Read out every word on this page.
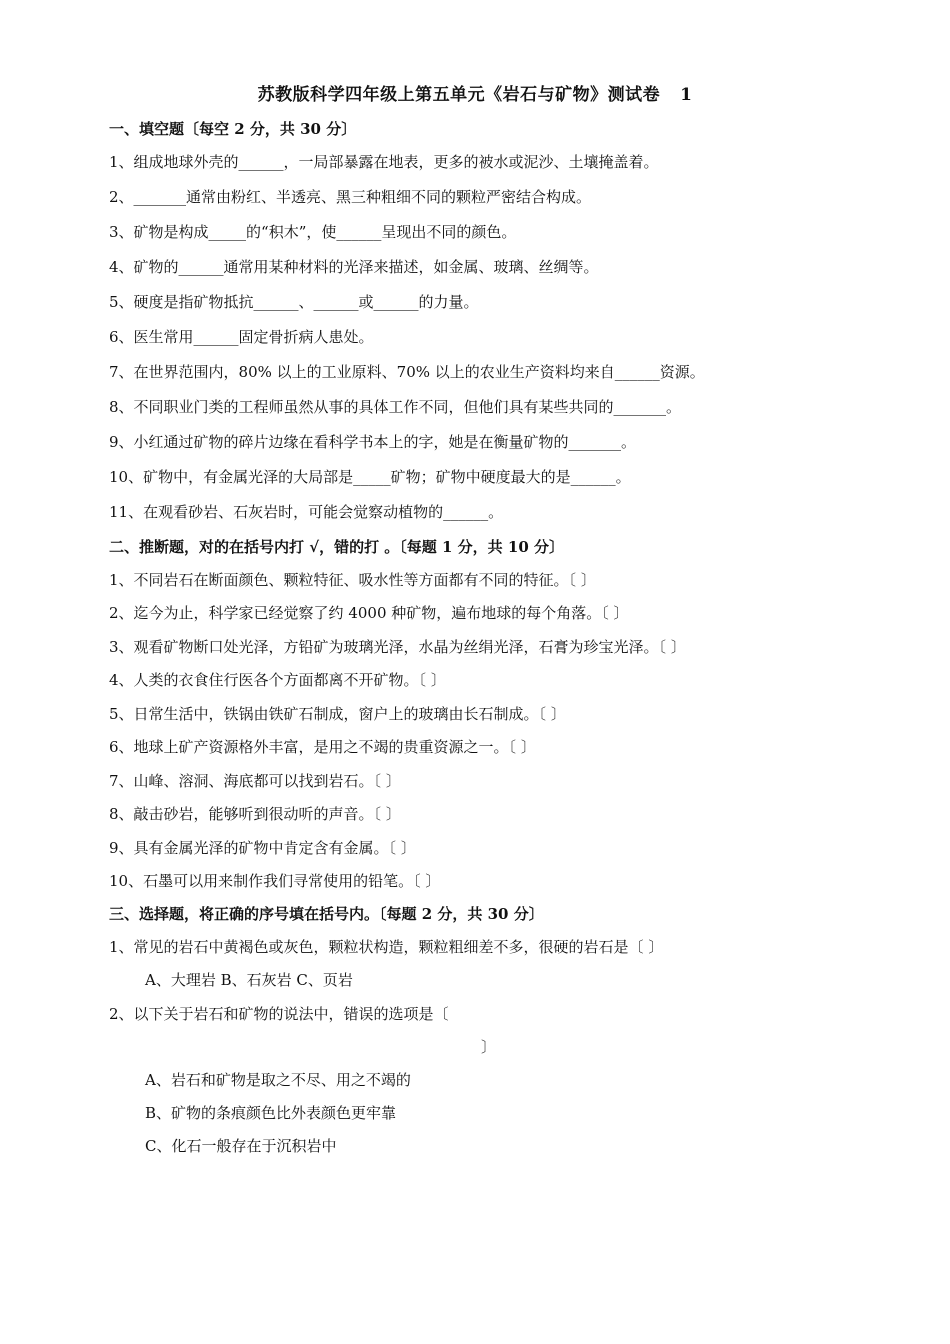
苏教版科学四年级上第五单元《岩石与矿物》测试卷 1
一、填空题〔每空 2 分，共 30 分〕
1、组成地球外壳的______，一局部暴露在地表，更多的被水或泥沙、土壤掩盖着。
2、_______通常由粉红、半透亮、黑三种粗细不同的颗粒严密结合构成。
3、矿物是构成_____的“积木”，使______呈现出不同的颜色。
4、矿物的______通常用某种材料的光泽来描述，如金属、玻璃、丝绸等。
5、硬度是指矿物抵抗______、______或______的力量。
6、医生常用______固定骨折病人患处。
7、在世界范围内，80% 以上的工业原料、70% 以上的农业生产资料均来自______资源。
8、不同职业门类的工程师虽然从事的具体工作不同，但他们具有某些共同的_______。
9、小红通过矿物的碎片边缘在看科学书本上的字，她是在衡量矿物的_______。
10、矿物中，有金属光泽的大局部是_____矿物；矿物中硬度最大的是______。
11、在观看砂岩、石灰岩时，可能会觉察动植物的______。
二、推断题，对的在括号内打 √，错的打 。〔每题 1 分，共 10 分〕
1、不同岩石在断面颜色、颗粒特征、吸水性等方面都有不同的特征。〔 〕
2、迄今为止，科学家已经觉察了约 4000 种矿物，遍布地球的每个角落。〔 〕
3、观看矿物断口处光泽，方铅矿为玻璃光泽，水晶为丝绢光泽，石膏为珍宝光泽。〔 〕
4、人类的衣食住行医各个方面都离不开矿物。〔 〕
5、日常生活中，铁锅由铁矿石制成，窗户上的玻璃由长石制成。〔 〕
6、地球上矿产资源格外丰富，是用之不竭的贵重资源之一。〔 〕
7、山峰、溶洞、海底都可以找到岩石。〔 〕
8、敲击砂岩，能够听到很动听的声音。〔 〕
9、具有金属光泽的矿物中肯定含有金属。〔 〕
10、石墨可以用来制作我们寻常使用的铅笔。〔 〕
三、选择题，将正确的序号填在括号内。〔每题 2 分，共 30 分〕
1、常见的岩石中黄褐色或灰色，颗粒状构造，颗粒粗细差不多，很硬的岩石是〔 〕
A、大理岩 B、石灰岩 C、页岩
2、以下关于岩石和矿物的说法中，错误的选项是〔
〕
A、岩石和矿物是取之不尽、用之不竭的
B、矿物的条痕颜色比外表颜色更牢靠
C、化石一般存在于沉积岩中
